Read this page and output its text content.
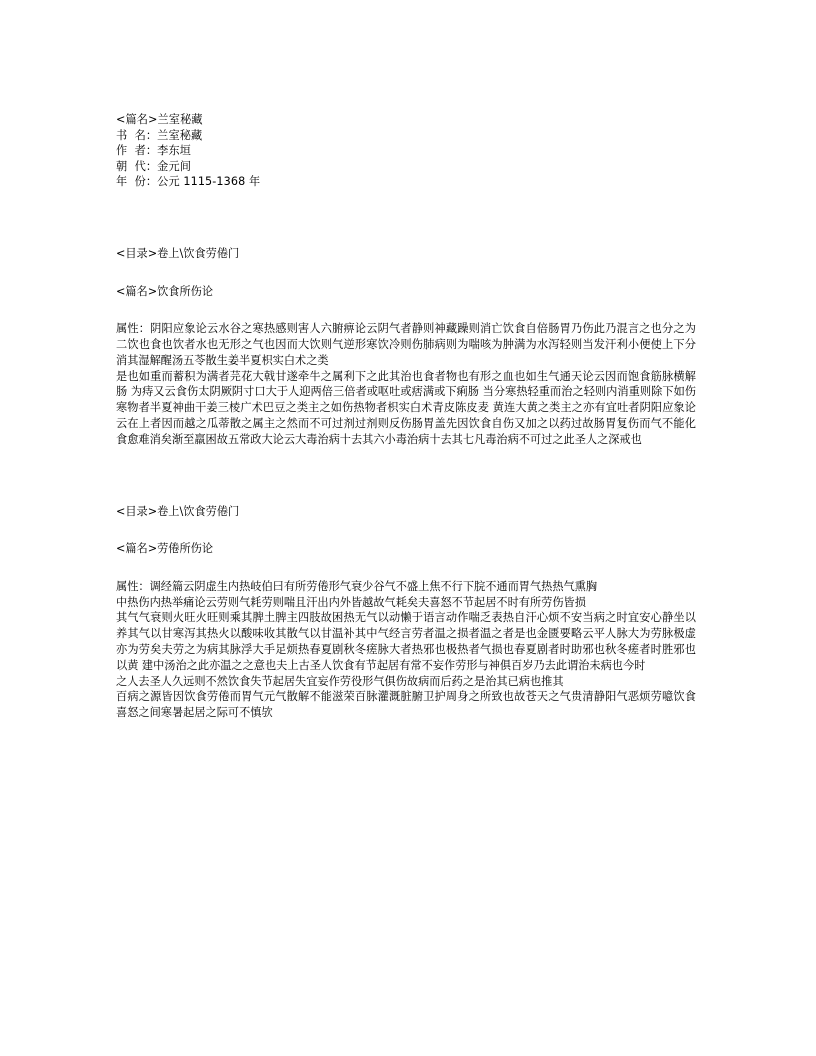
<篇名>兰室秘藏
书  名：兰室秘藏
作  者：李东垣
朝  代：金元间
年  份：公元 1115-1368 年
<目录>卷上\饮食劳倦门
<篇名>饮食所伤论
属性：阴阳应象论云水谷之寒热感则害人六腑痹论云阴气者静则神藏躁则消亡饮食自倍肠胃乃伤此乃混言之也分之为二饮也食也饮者水也无形之气也因而大饮则气逆形寒饮冷则伤肺病则为喘咳为肿满为水泻轻则当发汗利小便使上下分消其湿解醒汤五苓散生姜半夏枳实白术之类
是也如重而蓄积为满者芫花大戟甘遂牵牛之属利下之此其治也食者物也有形之血也如生气通天论云因而饱食筋脉横解肠 为痔又云食伤太阴厥阴寸口大于人迎两倍三倍者或呕吐或痞满或下痢肠 当分寒热轻重而治之轻则内消重则除下如伤寒物者半夏神曲干姜三棱广术巴豆之类主之如伤热物者枳实白术青皮陈皮麦 黄连大黄之类主之亦有宜吐者阴阳应象论云在上者因而越之瓜蒂散之属主之然而不可过剂过剂则反伤肠胃盖先因饮食自伤又加之以药过故肠胃复伤而气不能化食愈难消矣渐至羸困故五常政大论云大毒治病十去其六小毒治病十去其七凡毒治病不可过之此圣人之深戒也
<目录>卷上\饮食劳倦门
<篇名>劳倦所伤论
属性：调经篇云阴虚生内热岐伯曰有所劳倦形气衰少谷气不盛上焦不行下脘不通而胃气热热气熏胸
中热伤内热举痛论云劳则气耗劳则喘且汗出内外皆越故气耗矣夫喜怒不节起居不时有所劳伤皆损
其气气衰则火旺火旺则乘其脾土脾主四肢故困热无气以动懒于语言动作喘乏表热自汗心烦不安当病之时宜安心静坐以养其气以甘寒泻其热火以酸味收其散气以甘温补其中气经言劳者温之损者温之者是也金匮要略云平人脉大为劳脉极虚亦为劳矣夫劳之为病其脉浮大手足烦热春夏剧秋冬瘥脉大者热邪也极热者气损也春夏剧者时助邪也秋冬瘥者时胜邪也以黄 建中汤治之此亦温之之意也夫上古圣人饮食有节起居有常不妄作劳形与神俱百岁乃去此谓治未病也今时
之人去圣人久远则不然饮食失节起居失宜妄作劳役形气俱伤故病而后药之是治其已病也推其
百病之源皆因饮食劳倦而胃气元气散解不能滋荣百脉灌溉脏腑卫护周身之所致也故苍天之气贵清静阳气恶烦劳噫饮食喜怒之间寒暑起居之际可不慎欤
